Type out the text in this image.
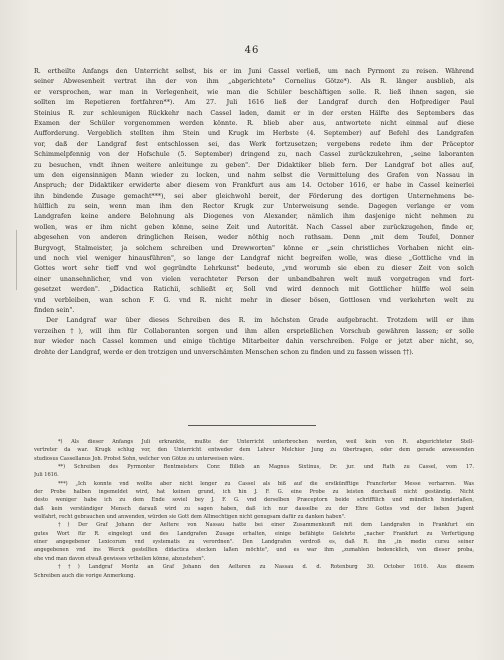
46
R. ertheilte Anfangs den Unterricht selbst, bis er im Juni Cassel verließ, um nach Pyrmont zu reisen. Während
seiner Abwesenheit vertrat ihn der von ihm „abgerichtete" Cornelius Götze*). Als R. länger ausblieb, als
er versprochen, war man in Verlegenheit, wie man die Schüler beschäftigen solle. R. ließ ihnen sagen, sie
sollten im Repetieren fortfahren**). Am 27. Juli 1616 ließ der Landgraf durch den Hofprediger Paul
Steinius R. zur schleunigen Rückkehr nach Cassel laden, damit er in der ersten Hälfte des Septembers das
Examen der Schüler vorgenommen werden könnte. R. blieb aber aus, antwortete nicht einmal auf diese
Aufforderung. Vergeblich stellten ihm Stein und Krugk im Herbste (4. September) auf Befehl des Landgrafen
vor, daß der Landgraf fest entschlossen sei, das Werk fortzusetzen; vergebens redete ihm der Präceptor
Schimmelpfennig von der Hofschule (5. September) dringend zu, nach Cassel zurückzukehren, „seine laboranten
zu besuchen, vndt ihnen weitere anleitunge zu geben". Der Didaktiker blieb fern. Der Landgraf bot alles auf,
um den eigensinnigen Mann wieder zu locken, und nahm selbst die Vermittelung des Grafen von Nassau in
Anspruch; der Didaktiker erwiderte aber diesem von Frankfurt aus am 14. October 1616, er habe in Cassel keinerlei
ihn bindende Zusage gemacht***), sei aber gleichwohl bereit, der Förderung des dortigen Unternehmens be-
hülflich zu sein, wenn man ihm den Rector Krugk zur Unterweisung sende. Dagegen verlange er vom
Landgrafen keine andere Belohnung als Diogenes von Alexander, nämlich ihm dasjenige nicht nehmen zu
wollen, was er ihm nicht geben könne, seine Zeit und Autorität. Nach Cassel aber zurückzugehen, finde er,
abgesehen von anderen dringlichen Reisen, weder nöthig noch rathsam. Denn „mit dem Teufel, Donner
Burgvogt, Stalmeister, ja solchem schreiben und Drewworten" könne er „sein christliches Vorhaben nicht ein-
und noch viel weniger hinausführen", so lange der Landgraf nicht begreifen wolle, was diese „Gottliche vnd in
Gottes wort sehr tieff vnd wol gegründte Lehrkunst" bedeute, „vnd worumb sie eben zu dieser Zeit von solch
einer unansehnlicher, vnd von vielen verachteter Person der unbandbahren welt muß vorgetragen vnd fort-
gesetzet werden". „Didactica Ratichii, schließt er, Soll vnd wird dennoch mit Gottlicher hülffe wol sein
vnd verbleiben, wan schon F. G. vnd R. nicht mehr in dieser bösen, Gottlosen vnd verkehrten welt zu
finden sein".
Der Landgraf war über dieses Schreiben des R. im höchsten Grade aufgebracht. Trotzdem will er ihm
verzeihen†), will ihm für Collaboranten sorgen und ihm allen ersprießlichen Vorschub gewähren lassen; er solle
nur wieder nach Cassel kommen und einige tüchtige Mitarbeiter dahin verschreiben. Folge er jetzt aber nicht, so,
drohte der Landgraf, werde er den trotzigen und unverschämten Menschen schon zu finden und zu fassen wissen ††).
*) Als dieser Anfangs Juli erkrankte, mußte der Unterricht unterbrochen werden, weil kein von R. abgerichteter Stell-
vertreter da war. Krugk schlug vor, den Unterricht entweder dem Lehrer Melchior Jung zu übertragen, oder dem gerade anwesenden
studiosus Cassellanus Joh. Probst Sohn, welcher von Götze zu unterweisen wäre.
**) Schreiben des Pyrmonter Rentmeisters Conr. Billeb an Magnus Sixtinus, Dr. jur. und Rath zu Cassel, vom 17.
Juli 1616.
***) „Ich konnte vnd wollte aber nicht lenger zu Cassel als biß auf die erstkünfftige Francforter Messe verharren. Was
der Probe halben ingemeldet wird, hat keinen grund, ich hin J. F. G. eine Probe zu leisten durchauß nicht geständig. Nicht
desto weniger habe ich zu dem Ende soviel bey J. F. G. vnd derselben Præceptorn beide schrifftlich und mündlich hinderlaßen,
daß kein verständiger Mensch darauß wird zu sagen haben, daß ich nur dasselbe zu der Ehre Gottes vnd der lieben Jugent
wolfahrt, recht gebrauchen und anwenden, würden sie Gott dem Allmechtigen nicht genugsam dafür zu danken haben".
†) Der Graf Johann der Aeltere von Nassau hatte bei einer Zusammenkunft mit dem Landgrafen in Frankfurt ein
gutes Wort für R. eingelegt und des Landgrafen Zusage erhalten, einige befähigte Gelehrte „nacher Frankfurt zu Verfertigung
einer angegebener Lexicorum vnd systematis zu verordnen". Den Landgrafen verdroß es, daß R. ihn „in medio cursu seiner
angegebenen vnd ins Werck gestellten didactica stecken laßen möchte", und es war ihm „zumahlen bedencklich, von dieser proba,
ehe vnd man davon etwaß gewisses vrtheilen könne, abzustehen".
††) Landgraf Moritz an Graf Johann den Aelteren zu Nassau d. d. Rotenburg 30. October 1616. Aus diesem
Schreiben auch die vorige Anmerkung.
